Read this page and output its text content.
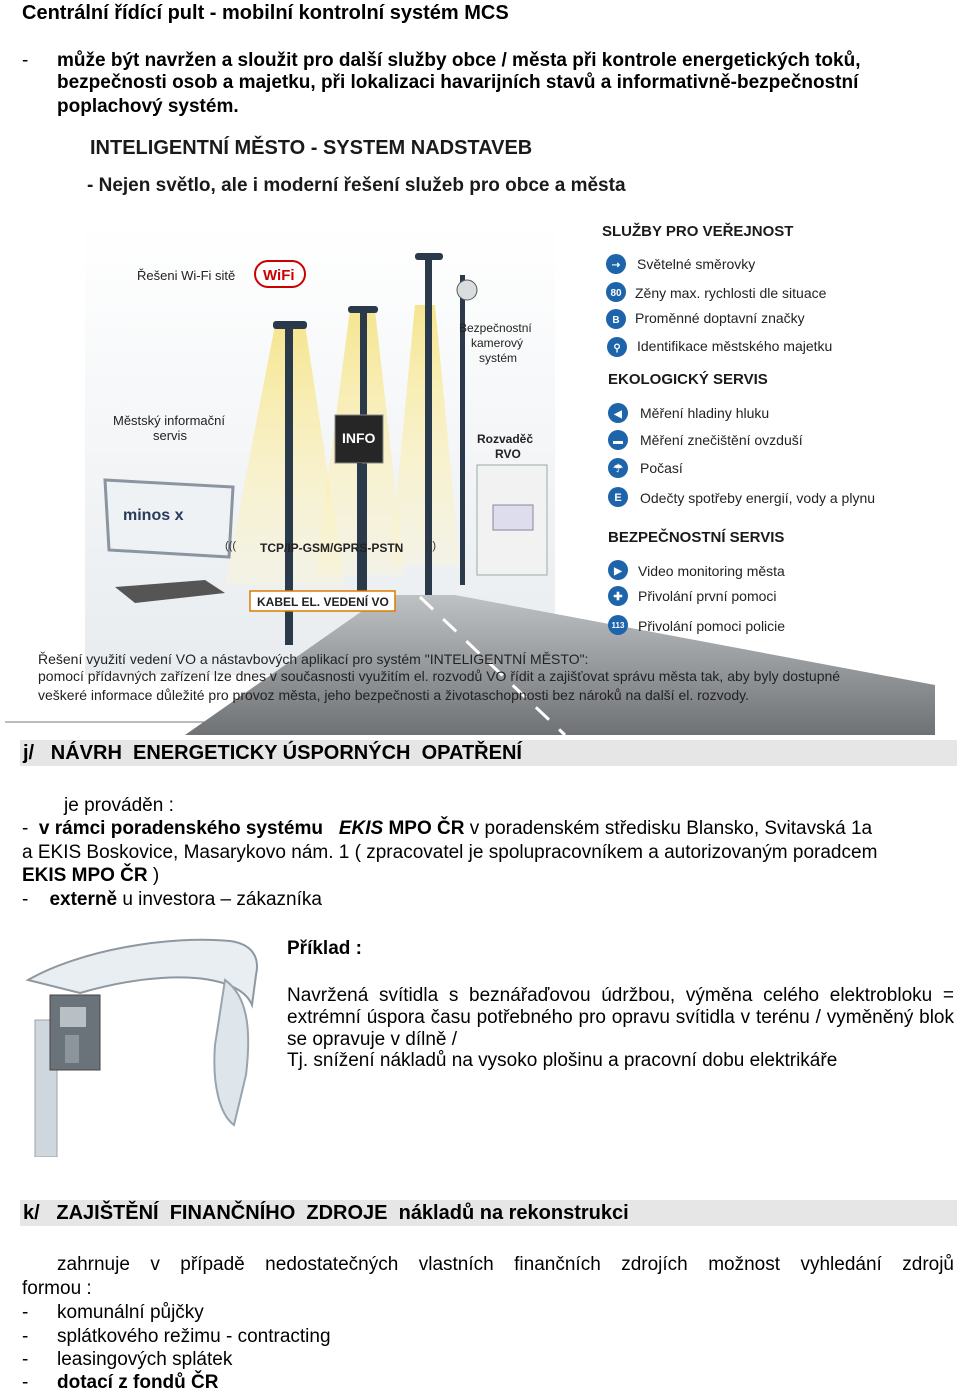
Centrální řídící pult - mobilní kontrolní systém MCS
- může být navržen a sloužit pro další služby obce / města při kontrole energetických toků,
bezpečnosti osob a majetku, při lokalizaci havarijních stavů a informativně-bezpečnostní
poplachový systém.
INTELIGENTNÍ MĚSTO - SYSTEM NADSTAVEB
- Nejen světlo, ale i moderní řešení služeb pro obce a města
Řešeni Wi-Fi sitě WiFi
Bezpečnostní
kamerový
systém
Městský informační
servis	INFO	Rozvaděč
RVO
minos x
((( TCP/IP-GSM/GPRS-PSTN )))
KABEL EL. VEDENÍ VO
SLUŽBY PRO VEŘEJNOST
⇢ Světelné směrovky
80 Zěny max. rychlosti dle situace
B Proměnné doptavní značky
⚲ Identifikace městského majetku
EKOLOGICKÝ SERVIS
◀ Měření hladiny hluku
▬ Měření znečištění ovzduší
☂ Počasí
E Odečty spotřeby energií, vody a plynu
BEZPEČNOSTNÍ SERVIS
▶ Video monitoring města
✚ Přivolání první pomoci
113 Přivolání pomoci policie
Řešení využití vedení VO a nástavbových aplikací pro systém "INTELIGENTNÍ MĚSTO":
pomocí přídavných zařízení lze dnes v současnosti využitím el. rozvodů VO řídit a zajišťovat správu města tak, aby byly dostupné
veškeré informace důležité pro provoz města, jeho bezpečnosti a životaschopnosti bez nároků na další el. rozvody.
j/   NÁVRH  ENERGETICKY ÚSPORNÝCH  OPATŘENÍ
je prováděn :
- v rámci poradenského systému EKIS MPO ČR v poradenském středisku Blansko, Svitavská 1a
a EKIS Boskovice, Masarykovo nám. 1 ( zpracovatel je spolupracovníkem a autorizovaným poradcem
EKIS MPO ČR )
- externě u investora – zákazníka
Příklad :
Navržená svítidla s beznářaďovou údržbou, výměna celého elektrobloku =
extrémní úspora času potřebného pro opravu svítidla v terénu / vyměněný blok
se opravuje v dílně /
Tj. snížení nákladů na vysoko plošinu a pracovní dobu elektrikáře
k/   ZAJIŠTĚNÍ  FINANČNÍHO  ZDROJE  nákladů na rekonstrukci
zahrnuje v případě nedostatečných vlastních finančních zdrojích možnost vyhledání zdrojů
formou :
- komunální půjčky
- splátkového režimu - contracting
- leasingových splátek
- dotací z fondů ČR
